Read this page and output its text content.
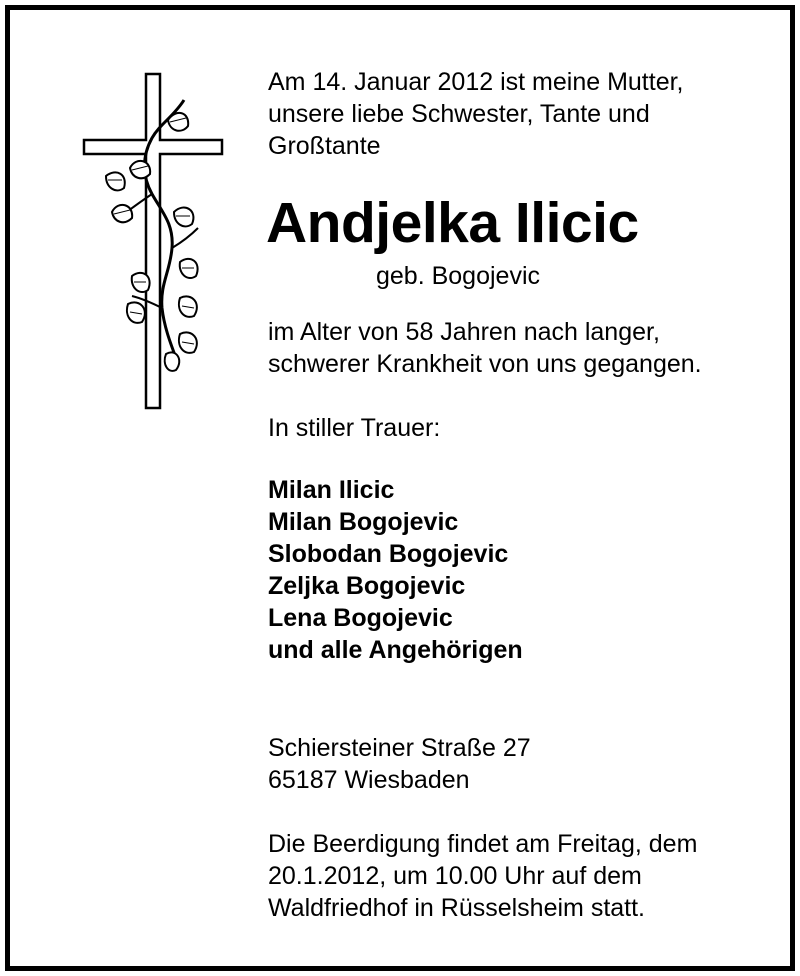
Am 14. Januar 2012 ist meine Mutter,
unsere liebe Schwester, Tante und
Großtante
Andjelka Ilicic
geb. Bogojevic
im Alter von 58 Jahren nach langer,
schwerer Krankheit von uns gegangen.
In stiller Trauer:
Milan Ilicic
Milan Bogojevic
Slobodan Bogojevic
Zeljka Bogojevic
Lena Bogojevic
und alle Angehörigen
Schiersteiner Straße 27
65187 Wiesbaden
Die Beerdigung findet am Freitag, dem
20.1.2012, um 10.00 Uhr auf dem
Waldfriedhof in Rüsselsheim statt.
